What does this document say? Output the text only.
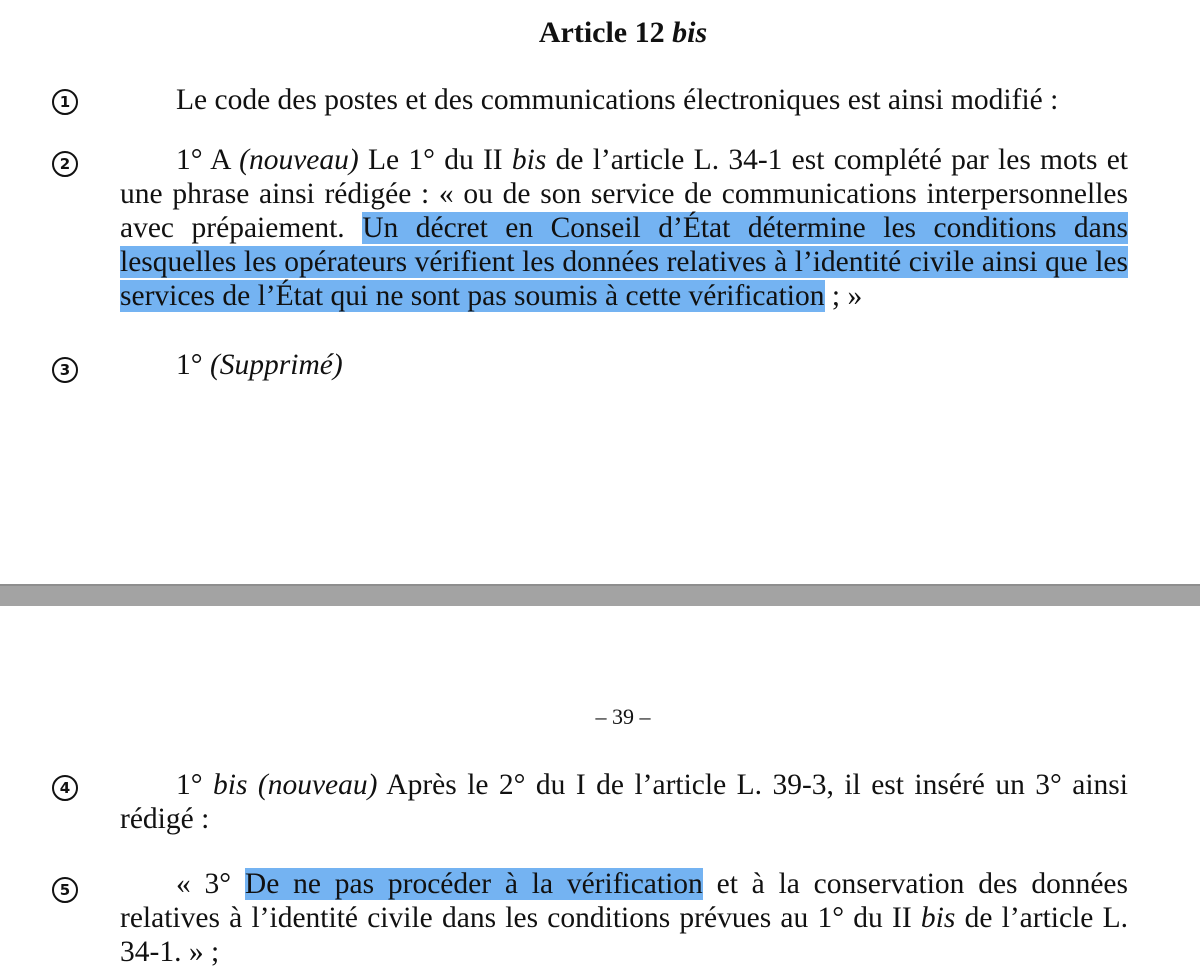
Article 12 bis
1	Le code des postes et des communications électroniques est ainsi modifié :

2	1° A (nouveau) Le 1° du II bis de l’article L. 34-1 est complété par les mots et une phrase ainsi rédigée : « ou de son service de communications interpersonnelles avec prépaiement. Un décret en Conseil d’État détermine les conditions dans lesquelles les opérateurs vérifient les données relatives à l’identité civile ainsi que les services de l’État qui ne sont pas soumis à cette vérification ; »

3	1° (Supprimé)

– 39 –

4	1° bis (nouveau) Après le 2° du I de l’article L. 39-3, il est inséré un 3° ainsi rédigé :

5	« 3° De ne pas procéder à la vérification et à la conservation des données relatives à l’identité civile dans les conditions prévues au 1° du II bis de l’article L. 34-1. » ;
